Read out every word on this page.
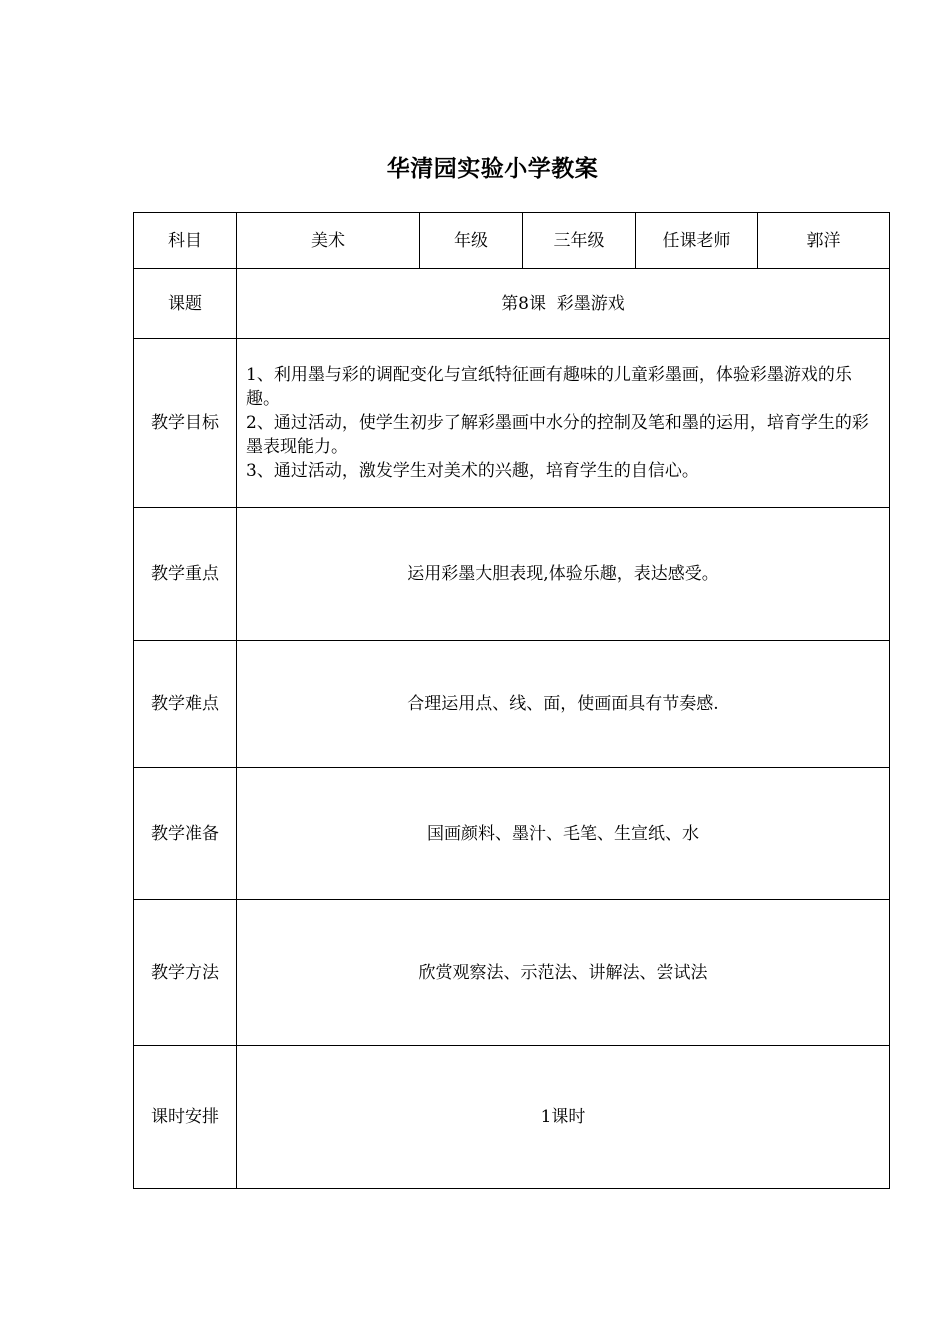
华清园实验小学教案
科目	美术	年级	三年级	任课老师	郭洋
课题	第8课  彩墨游戏				
教学目标	1、利用墨与彩的调配变化与宣纸特征画有趣味的儿童彩墨画，体验彩墨游戏的乐趣。
2、通过活动，使学生初步了解彩墨画中水分的控制及笔和墨的运用，培育学生的彩墨表现能力。
3、通过活动，激发学生对美术的兴趣，培育学生的自信心。				

教学重点	运用彩墨大胆表现,体验乐趣，表达感受。				
教学难点	合理运用点、线、面，使画面具有节奏感.				
教学准备	国画颜料、墨汁、毛笔、生宣纸、水				
教学方法	欣赏观察法、示范法、讲解法、尝试法				
课时安排	1课时				
